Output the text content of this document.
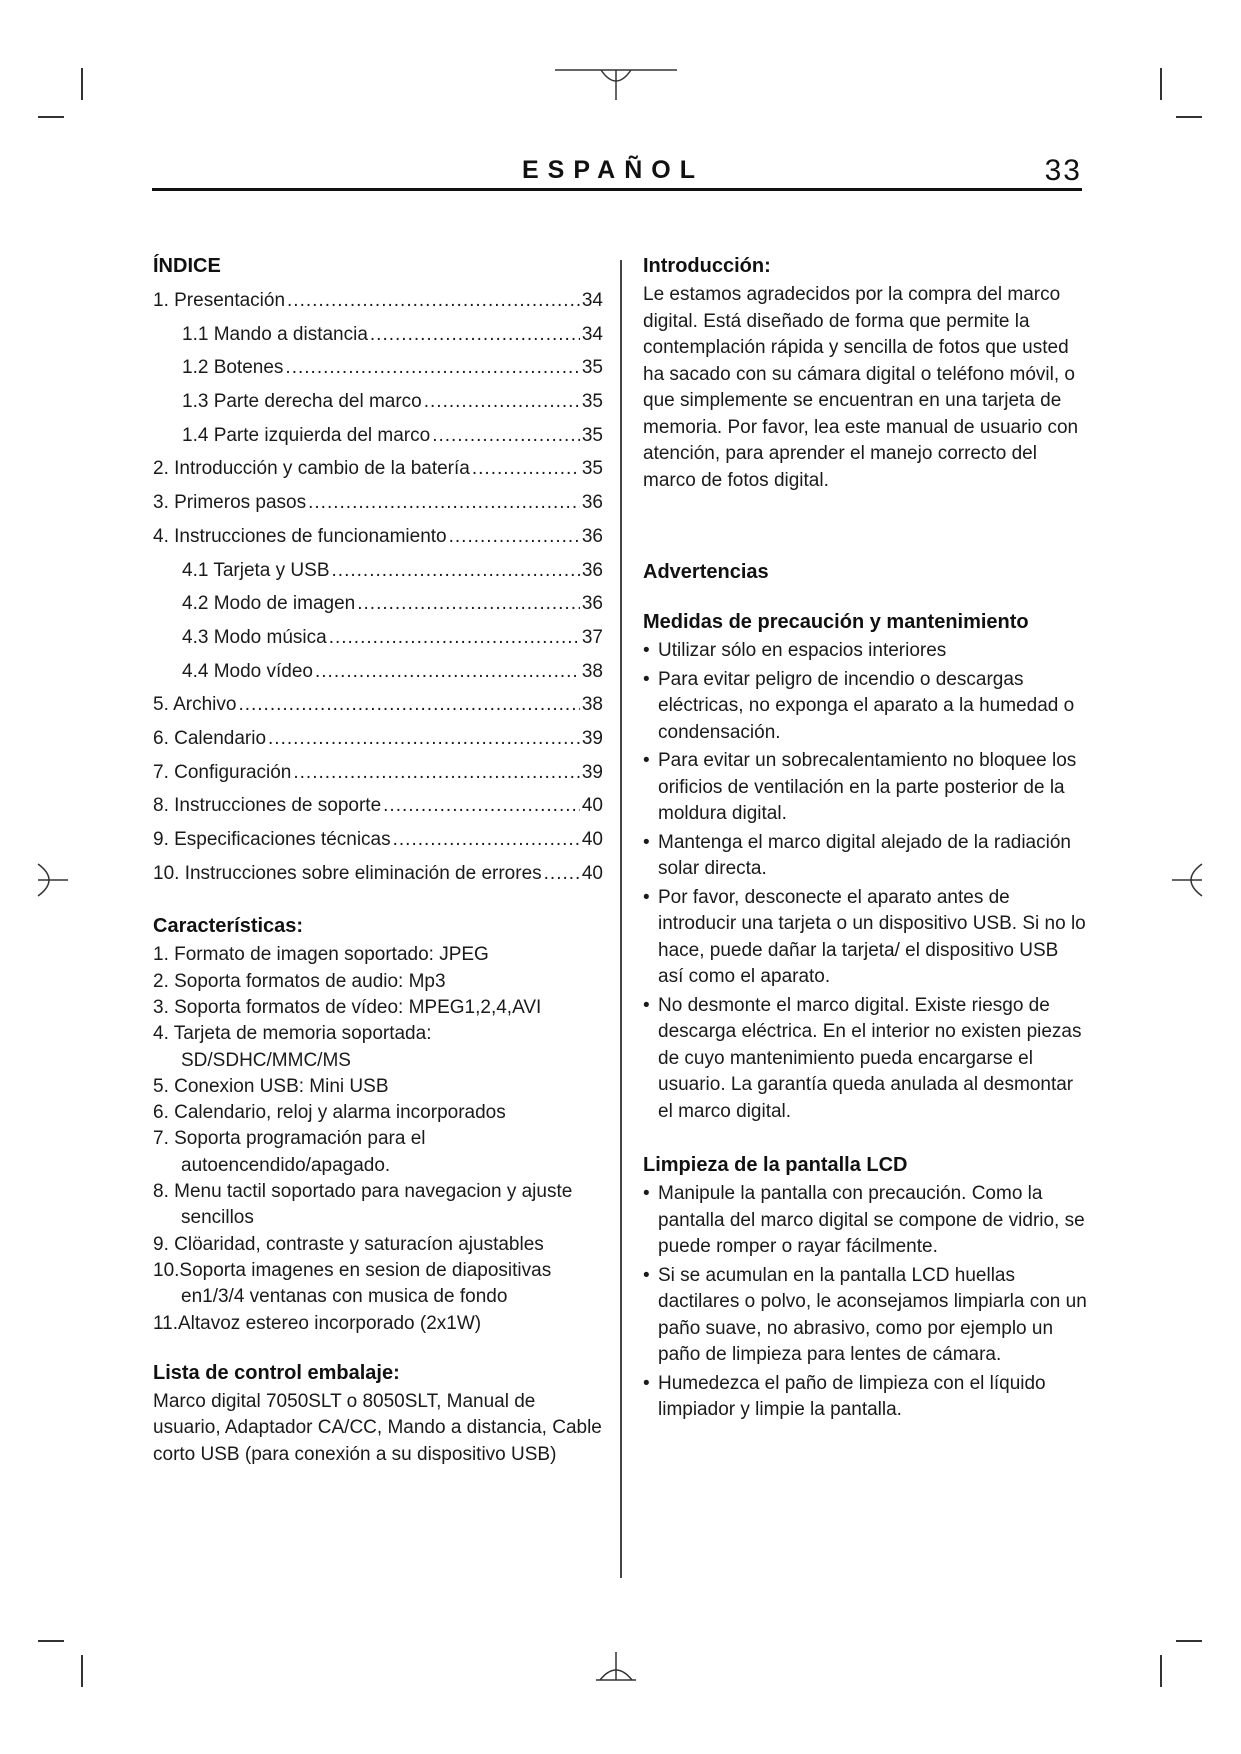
ESPAÑOL	33
ÍNDICE
1. Presentación .....	34
1.1 Mando a distancia .....	34
1.2 Botenes .....	35
1.3 Parte derecha del marco .....	35
1.4 Parte izquierda del marco .....	35
2. Introducción y cambio de la batería .....	35
3. Primeros pasos .....	36
4. Instrucciones de funcionamiento .....	36
4.1 Tarjeta y USB .....	36
4.2 Modo de imagen .....	36
4.3 Modo música .....	37
4.4 Modo vídeo .....	38
5. Archivo .....	38
6. Calendario .....	39
7. Configuración .....	39
8. Instrucciones de soporte .....	40
9. Especificaciones técnicas .....	40
10. Instrucciones sobre eliminación de errores ..... 40
Características:
1. Formato de imagen soportado: JPEG
2. Soporta formatos de audio: Mp3
3. Soporta formatos de vídeo: MPEG1,2,4,AVI
4. Tarjeta de memoria soportada: SD/SDHC/MMC/MS
5. Conexion USB: Mini USB
6. Calendario, reloj y alarma incorporados
7. Soporta programación para el autoencendido/apagado.
8. Menu tactil soportado para navegacion y ajuste sencillos
9. Clöaridad, contraste y saturacíon ajustables
10.Soporta imagenes en sesion de diapositivas en1/3/4 ventanas con musica de fondo
11.Altavoz estereo incorporado (2x1W)
Lista de control embalaje:

Marco digital 7050SLT o 8050SLT, Manual de usuario, Adaptador CA/CC, Mando a distancia, Cable corto USB (para conexión a su dispositivo USB)

Introducción:

Le estamos agradecidos por la compra del marco digital. Está diseñado de forma que permite la contemplación rápida y sencilla de fotos que usted ha sacado con su cámara digital o teléfono móvil, o que simplemente se encuentran en una tarjeta de memoria. Por favor, lea este manual de usuario con atención, para aprender el manejo correcto del marco de fotos digital.

Advertencias
Medidas de precaución y mantenimiento
• Utilizar sólo en espacios interiores
• Para evitar peligro de incendio o descargas eléctricas, no exponga el aparato a la humedad o condensación.
• Para evitar un sobrecalentamiento no bloquee los orificios de ventilación en la parte posterior de la moldura digital.
• Mantenga el marco digital alejado de la radiación solar directa.
• Por favor, desconecte el aparato antes de introducir una tarjeta o un dispositivo USB. Si no lo hace, puede dañar la tarjeta/ el dispositivo USB así como el aparato.
• No desmonte el marco digital. Existe riesgo de descarga eléctrica. En el interior no existen piezas de cuyo mantenimiento pueda encargarse el usuario. La garantía queda anulada al desmontar el marco digital.
Limpieza de la pantalla LCD
• Manipule la pantalla con precaución. Como la pantalla del marco digital se compone de vidrio, se puede romper o rayar fácilmente.
• Si se acumulan en la pantalla LCD huellas dactilares o polvo, le aconsejamos limpiarla con un paño suave, no abrasivo, como por ejemplo un paño de limpieza para lentes de cámara.
• Humedezca el paño de limpieza con el líquido limpiador y limpie la pantalla.
